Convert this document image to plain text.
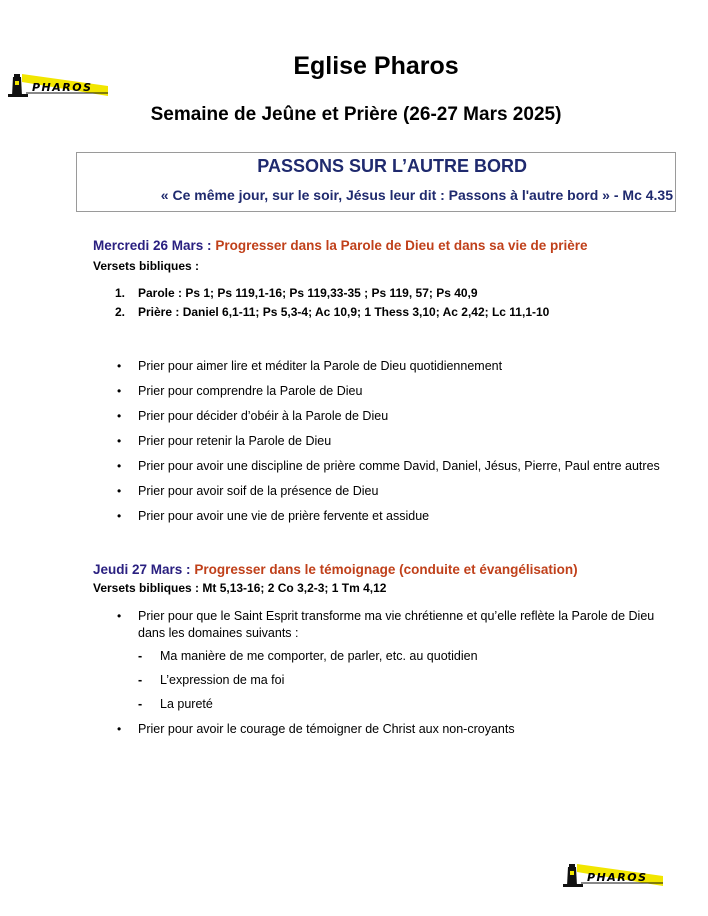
PHAROS
Eglise Pharos
Semaine de Jeûne et Prière (26-27 Mars 2025)
PASSONS SUR L’AUTRE BORD
« Ce même jour, sur le soir, Jésus leur dit : Passons à l'autre bord » - Mc 4.35
Mercredi 26 Mars : Progresser dans la Parole de Dieu et dans sa vie de prière
Versets bibliques :
1. Parole : Ps 1; Ps 119,1-16; Ps 119,33-35 ; Ps 119, 57; Ps 40,9
2. Prière : Daniel 6,1-11; Ps 5,3-4; Ac 10,9; 1 Thess 3,10; Ac 2,42; Lc 11,1-10
• Prier pour aimer lire et méditer la Parole de Dieu quotidiennement
• Prier pour comprendre la Parole de Dieu
• Prier pour décider d’obéir à la Parole de Dieu
• Prier pour retenir la Parole de Dieu
• Prier pour avoir une discipline de prière comme David, Daniel, Jésus, Pierre, Paul entre autres
• Prier pour avoir soif de la présence de Dieu
• Prier pour avoir une vie de prière fervente et assidue
Jeudi 27 Mars : Progresser dans le témoignage (conduite et évangélisation)
Versets bibliques : Mt 5,13-16; 2 Co 3,2-3; 1 Tm 4,12
• Prier pour que le Saint Esprit transforme ma vie chrétienne et qu’elle reflète la Parole de Dieu
dans les domaines suivants :
- Ma manière de me comporter, de parler, etc. au quotidien
- L’expression de ma foi
- La pureté
• Prier pour avoir le courage de témoigner de Christ aux non-croyants
PHAROS
